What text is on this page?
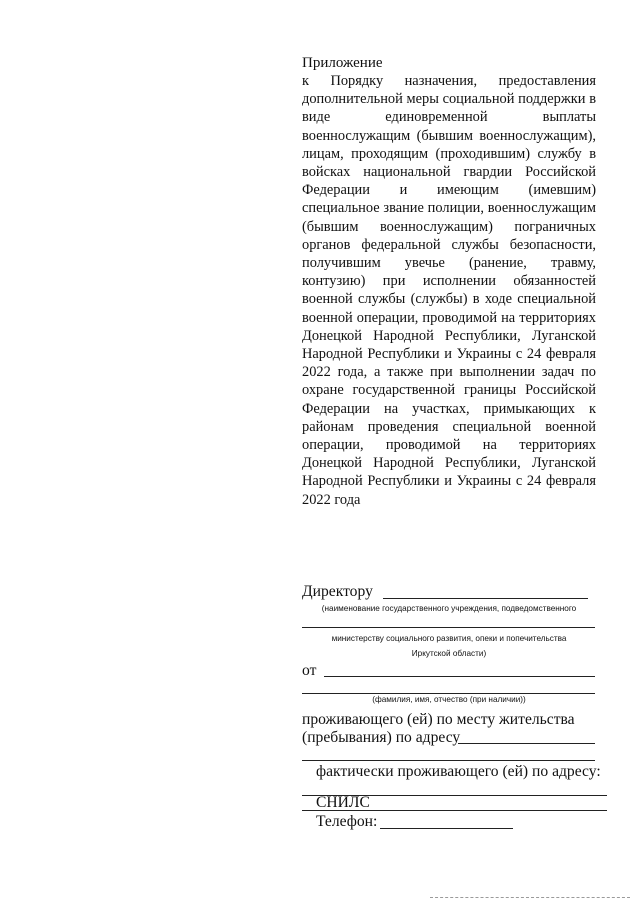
Приложение

к Порядку назначения, предоставления дополнительной меры социальной поддержки в виде единовременной выплаты военнослужащим (бывшим военнослужащим), лицам, проходящим (проходившим) службу в войсках национальной гвардии Российской Федерации и имеющим (имевшим) специальное звание полиции, военнослужащим (бывшим военнослужащим) пограничных органов федеральной службы безопасности, получившим увечье (ранение, травму, контузию) при исполнении обязанностей военной службы (службы) в ходе специальной военной операции, проводимой на территориях Донецкой Народной Республики, Луганской Народной Республики и Украины с 24 февраля 2022 года, а также при выполнении задач по охране государственной границы Российской Федерации на участках, примыкающих к районам проведения специальной военной операции, проводимой на территориях Донецкой Народной Республики, Луганской Народной Республики и Украины с 24 февраля 2022 года

Директору
(наименование государственного учреждения, подведомственного
министерству социального развития, опеки и попечительства
Иркутской области)
от
(фамилия, имя, отчество (при наличии))
проживающего (ей) по месту жительства
(пребывания) по адресу
фактически проживающего (ей) по адресу:
СНИЛС
Телефон:
